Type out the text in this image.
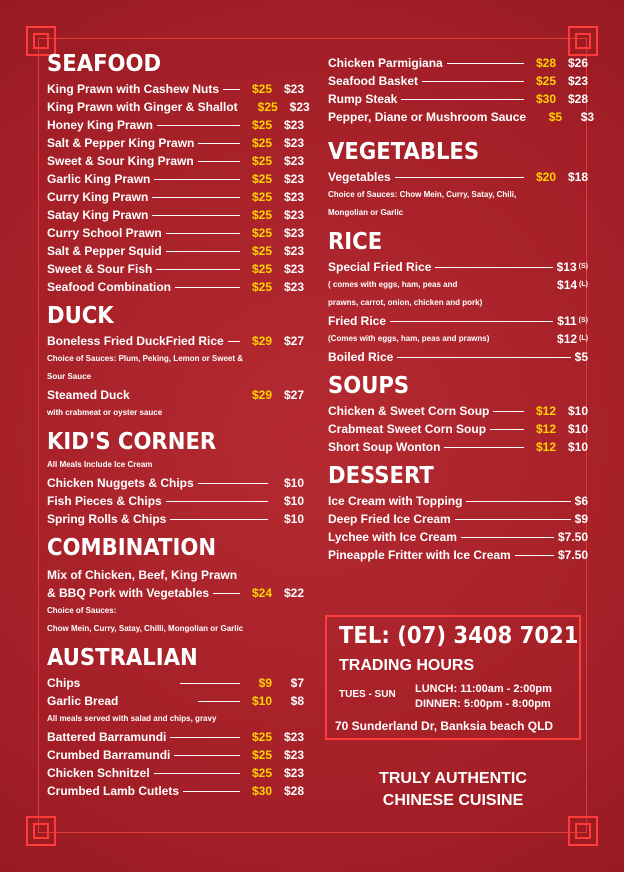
SEAFOOD
King Prawn with Cashew Nuts	$25 $23
King Prawn with Ginger & Shallot	$25 $23
Honey King Prawn	$25 $23
Salt & Pepper King Prawn	$25 $23
Sweet & Sour King Prawn	$25 $23
Garlic King Prawn	$25 $23
Curry King Prawn	$25 $23
Satay King Prawn	$25 $23
Curry School Prawn	$25 $23
Salt & Pepper Squid	$25 $23
Sweet & Sour Fish	$25 $23
Seafood Combination	$25 $23
DUCK
Boneless Fried DuckFried Rice	$29 $27
Choice of Sauces: Plum, Peking, Lemon or Sweet &
Sour Sauce
Steamed Duck	$29 $27
with crabmeat or oyster sauce
KID'S CORNER
All Meals Include Ice Cream
Chicken Nuggets & Chips	$10
Fish Pieces & Chips	$10
Spring Rolls & Chips	$10
COMBINATION
Mix of Chicken, Beef, King Prawn
& BBQ Pork with Vegetables	$24 $22
Choice of Sauces:
Chow Mein, Curry, Satay, Chilli, Mongolian or Garlic
AUSTRALIAN
Chips	$9	$7
Garlic Bread	$10	$8
All meals served with salad and chips, gravy
Battered Barramundi	$25 $23
Crumbed Barramundi	$25 $23
Chicken Schnitzel	$25 $23
Crumbed Lamb Cutlets	$30 $28
Chicken Parmigiana	$28 $26
Seafood Basket	$25 $23
Rump Steak	$30 $28
Pepper, Diane or Mushroom Sauce	$5	$3
VEGETABLES
Vegetables	$20 $18
Choice of Sauces: Chow Mein, Curry, Satay, Chili,
Mongolian or Garlic
RICE
Special Fried Rice	$13 (S)
( comes with eggs, ham, peas and	$14 (L)
prawns, carrot, onion, chicken and pork)
Fried Rice	$11 (S)
(Comes with eggs, ham, peas and prawns)	$12 (L)
Boiled Rice	$5
SOUPS
Chicken & Sweet Corn Soup	$12 $10
Crabmeat Sweet Corn Soup	$12 $10
Short Soup Wonton	$12 $10
DESSERT
Ice Cream with Topping	$6
Deep Fried Ice Cream	$9
Lychee with Ice Cream	$7.50
Pineapple Fritter with Ice Cream	$7.50
TEL: (07) 3408 7021
TRADING HOURS
TUES - SUN LUNCH: 11:00am - 2:00pm
DINNER: 5:00pm - 8:00pm
70 Sunderland Dr, Banksia beach QLD
TRULY AUTHENTIC
CHINESE CUISINE
